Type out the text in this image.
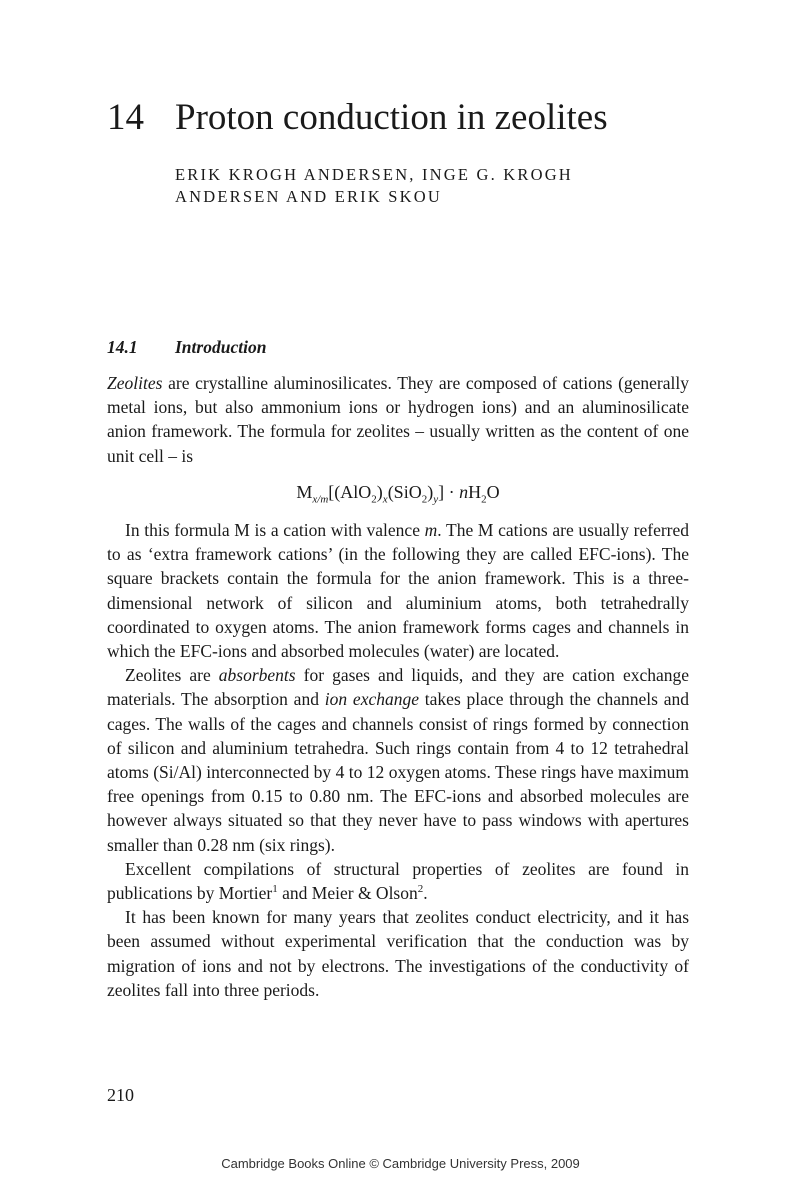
14 Proton conduction in zeolites
ERIK KROGH ANDERSEN, INGE G. KROGH
ANDERSEN AND ERIK SKOU
14.1 Introduction

Zeolites are crystalline aluminosilicates. They are composed of cations (generally metal ions, but also ammonium ions or hydrogen ions) and an aluminosilicate anion framework. The formula for zeolites – usually written as the content of one unit cell – is

$M_{x/m}[(AlO_2)_x(SiO_2)_y] \cdot nH_2O$

In this formula M is a cation with valence m. The M cations are usually referred to as ‘extra framework cations’ (in the following they are called EFC-ions). The square brackets contain the formula for the anion framework. This is a three-dimensional network of silicon and aluminium atoms, both tetrahedrally coordinated to oxygen atoms. The anion framework forms cages and channels in which the EFC-ions and absorbed molecules (water) are located.

Zeolites are absorbents for gases and liquids, and they are cation exchange materials. The absorption and ion exchange takes place through the channels and cages. The walls of the cages and channels consist of rings formed by connection of silicon and aluminium tetrahedra. Such rings contain from 4 to 12 tetrahedral atoms (Si/Al) interconnected by 4 to 12 oxygen atoms. These rings have maximum free openings from 0.15 to 0.80 nm. The EFC-ions and absorbed molecules are however always situated so that they never have to pass windows with apertures smaller than 0.28 nm (six rings).

Excellent compilations of structural properties of zeolites are found in publications by Mortier$^1$ and Meier & Olson$^2$.

It has been known for many years that zeolites conduct electricity, and it has been assumed without experimental verification that the conduction was by migration of ions and not by electrons. The investigations of the conductivity of zeolites fall into three periods.

210
Cambridge Books Online © Cambridge University Press, 2009
